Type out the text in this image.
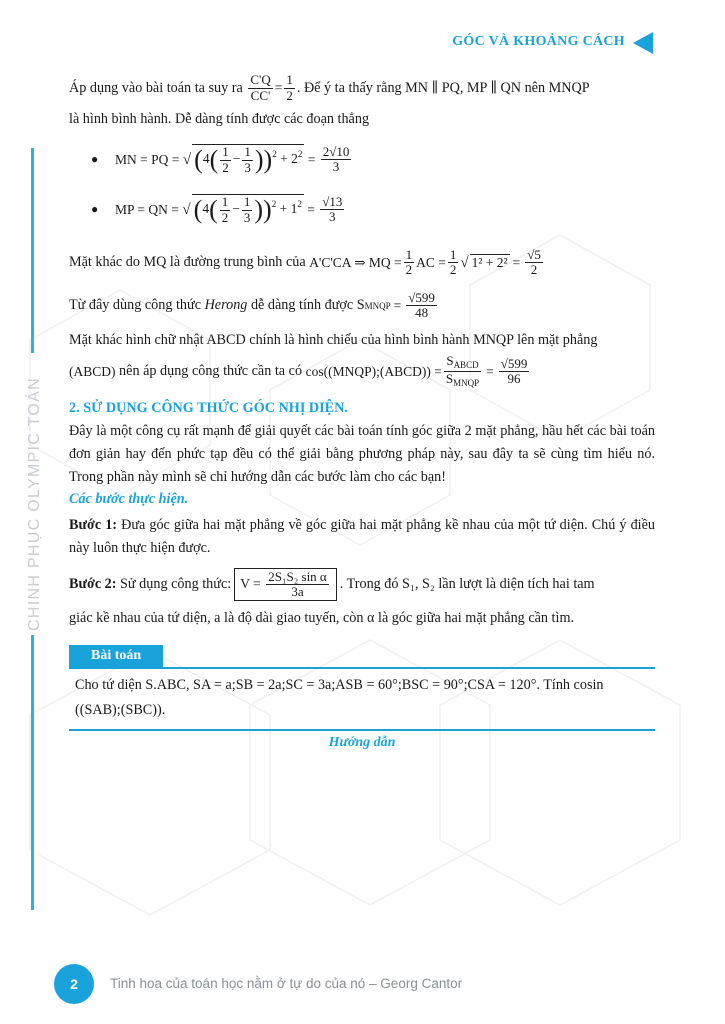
GÓC VÀ KHOẢNG CÁCH
CHINH PHỤC OLYMPIC TOÁN

Áp dụng vào bài toán ta suy ra
$\frac{C'Q}{CC'} = \frac{1}{2}$ . Để ý ta thấy rằng MN ∥ PQ, MP ∥ QN nên MNQP

là hình bình hành. Dễ dàng tính được các đoạn thẳng

●	MN = PQ =
√ $(4( \frac{1}{2} - \frac{1}{3} ))^2 + 2^2 = \frac{2√10}{3}$
●	MP = QN =
√ $(4( \frac{1}{2} - \frac{1}{3} ))^2 + 1^2 = \frac{√13}{3}$

Mặt khác do MQ là đường trung bình của
A'C'CA ⇒ MQ = $\frac{1}{2}$ AC = $\frac{1}{2}$ √ $1^2 + 2^2 = \frac{√5}{2}$

Từ đây dùng công thức
Herong
dễ dàng tính được S MNQP = $\frac{√599}{48}$

Mặt khác hình chữ nhật ABCD chính là hình chiếu của hình bình hành MNQP lên mặt phẳng

(ABCD)
nên áp dụng công thức cần ta có
cos((MNQP);(ABCD)) = $\frac{S_{ABCD}}{S_{MNQP}} = \frac{√599}{96}$

2. SỬ DỤNG CÔNG THỨC GÓC NHỊ DIỆN.

Đây là một công cụ rất mạnh để giải quyết các bài toán tính góc giữa 2 mặt phẳng, hầu hết các bài toán đơn giản hay đến phức tạp đều có thể giải bằng phương pháp này, sau đây ta sẽ cùng tìm hiểu nó. Trong phần này mình sẽ chỉ hướng dẫn các bước làm cho các bạn!

Các bước thực hiện.

Bước 1: Đưa góc giữa hai mặt phẳng về góc giữa hai mặt phẳng kề nhau của một tứ diện. Chú ý điều này luôn thực hiện được.

Bước 2:
Sử dụng công thức: $V = \frac{\text{2S₁S₂ sin α}}{3a}$ . Trong đó S₁, S₂ lần lượt là diện tích hai tam

giác kề nhau của tứ diện, a là độ dài giao tuyến, còn α là góc giữa hai mặt phẳng cần tìm.

Bài toán
Cho tứ diện S.ABC, SA = a;SB = 2a;SC = 3a;ASB = 60°;BSC = 90°;CSA = 120°. Tính cosin
((SAB);(SBC)).
Hướng dẫn
2	Tinh hoa của toán học nằm ở tự do của nó – Georg Cantor
